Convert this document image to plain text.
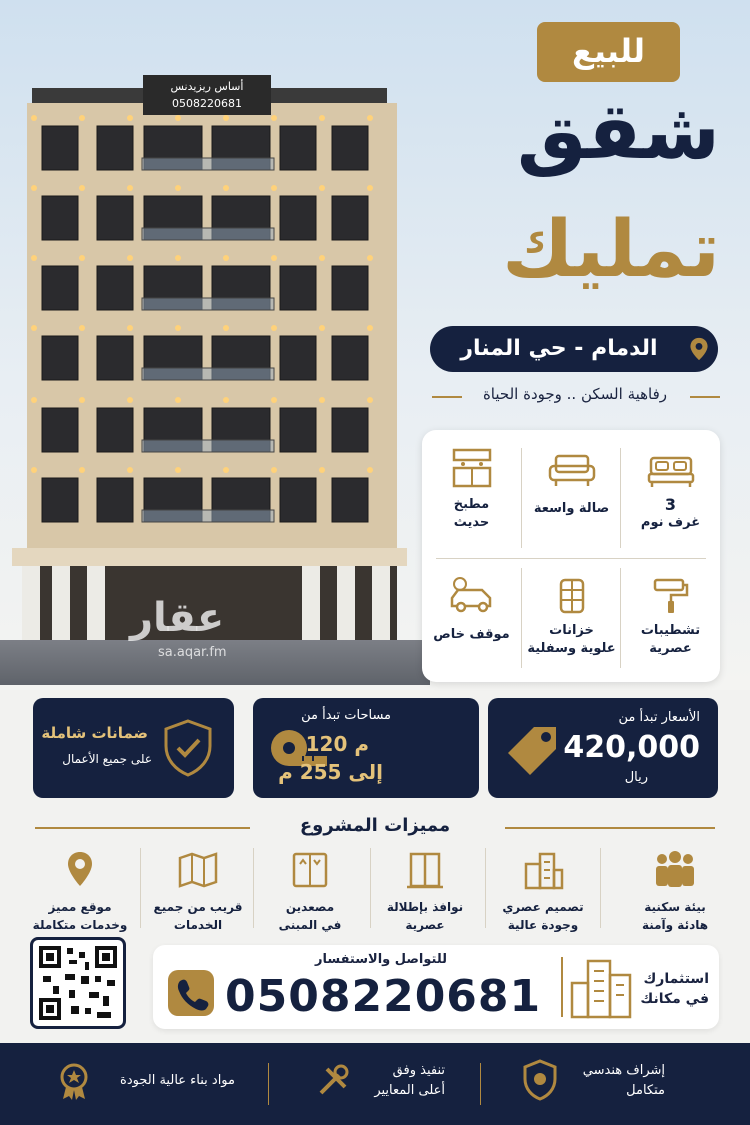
أساس ريزيدنس
0508220681
عقار
sa.aqar.fm
للبيع
شقق
تمليك
الدمام - حي المنار
رفاهية السكن .. وجودة الحياة
3
غرف نوم
صالة واسعة
مطبخ
حديث
تشطيبات
عصرية
خزانات
علوية وسفلية
موقف خاص
الأسعار تبدأ من
420,000
ريال
مساحات تبدأ من
120 م
إلى 255 م
ضمانات شاملة
على جميع الأعمال
مميزات المشروع
بيئة سكنية
هادئة وآمنة
تصميم عصري
وجودة عالية
نوافذ بإطلالة
عصرية
مصعدين
في المبنى
قريب من جميع
الخدمات
موقع مميز
وخدمات متكاملة
للتواصل والاستفسار
0508220681	استثمارك
في مكانك
إشراف هندسي
متكامل
تنفيذ وفق
أعلى المعايير
مواد بناء عالية الجودة
